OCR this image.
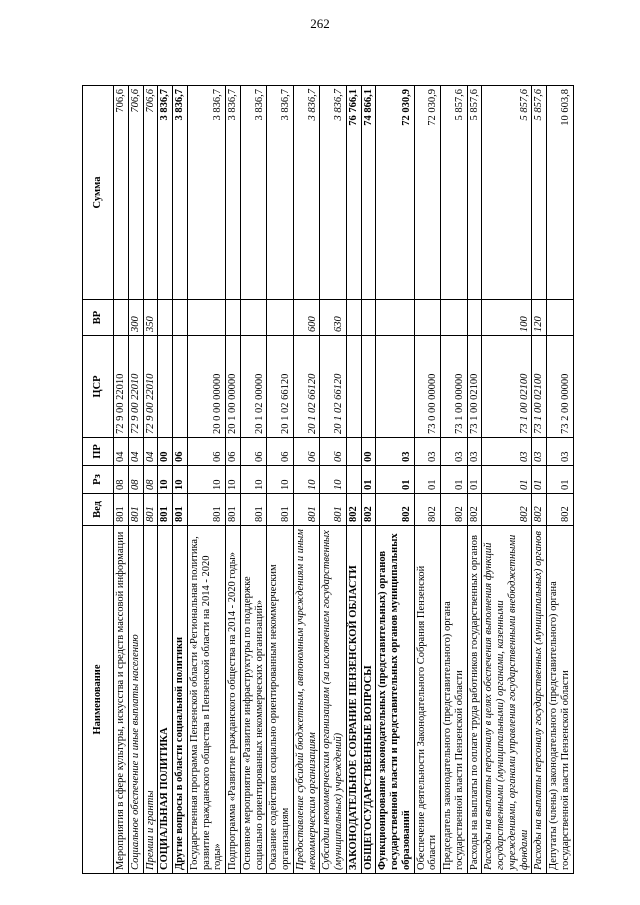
262
Наименование	Вед	Рз	ПР	ЦСР	ВР	Сумма
Мероприятия в сфере культуры, искусства и средств массовой информации	801	08	04	72 9 00 22010		706,6
Социальное обеспечение и иные выплаты населению	801	08	04	72 9 00 22010	300	706,6
Премии и гранты	801	08	04	72 9 00 22010	350	706,6
СОЦИАЛЬНАЯ ПОЛИТИКА	801	10	00			3 836,7
Другие вопросы в области социальной политики	801	10	06			3 836,7
Государственная программа Пензенской области «Региональная политика, развитие гражданского общества в Пензенской области на 2014 - 2020 годы»	801	10	06	20 0 00 00000		3 836,7
Подпрограмма «Развитие гражданского общества на 2014 - 2020 годы»	801	10	06	20 1 00 00000		3 836,7
Основное мероприятие «Развитие инфраструктуры по поддержке социально ориентированных некоммерческих организаций»	801	10	06	20 1 02 00000		3 836,7
Оказание содействия социально ориентированным некоммерческим организациям	801	10	06	20 1 02 66120		3 836,7
Предоставление субсидий бюджетным, автономным учреждениям и иным некоммерческим организациям	801	10	06	20 1 02 66120	600	3 836,7
Субсидии некоммерческим организациям (за исключением государственных (муниципальных) учреждений)	801	10	06	20 1 02 66120	630	3 836,7
ЗАКОНОДАТЕЛЬНОЕ СОБРАНИЕ ПЕНЗЕНСКОЙ ОБЛАСТИ	802					76 766,1
ОБЩЕГОСУДАРСТВЕННЫЕ ВОПРОСЫ	802	01	00			74 866,1
Функционирование законодательных (представительных) органов государственной власти и представительных органов муниципальных образований	802	01	03			72 030,9
Обеспечение деятельности Законодательного Собрания Пензенской области	802	01	03	73 0 00 00000		72 030,9
Председатель законодательного (представительного) органа государственной власти Пензенской области	802	01	03	73 1 00 00000		5 857,6
Расходы на выплаты по оплате труда работников государственных органов	802	01	03	73 1 00 02100		5 857,6
Расходы на выплаты персоналу в целях обеспечения выполнения функций государственными (муниципальными) органами, казенными учреждениями, органами управления государственными внебюджетными фондами	802	01	03	73 1 00 02100	100	5 857,6
Расходы на выплаты персоналу государственных (муниципальных) органов	802	01	03	73 1 00 02100	120	5 857,6
Депутаты (члены) законодательного (представительного) органа государственной власти Пензенской области	802	01	03	73 2 00 00000		10 603,8
